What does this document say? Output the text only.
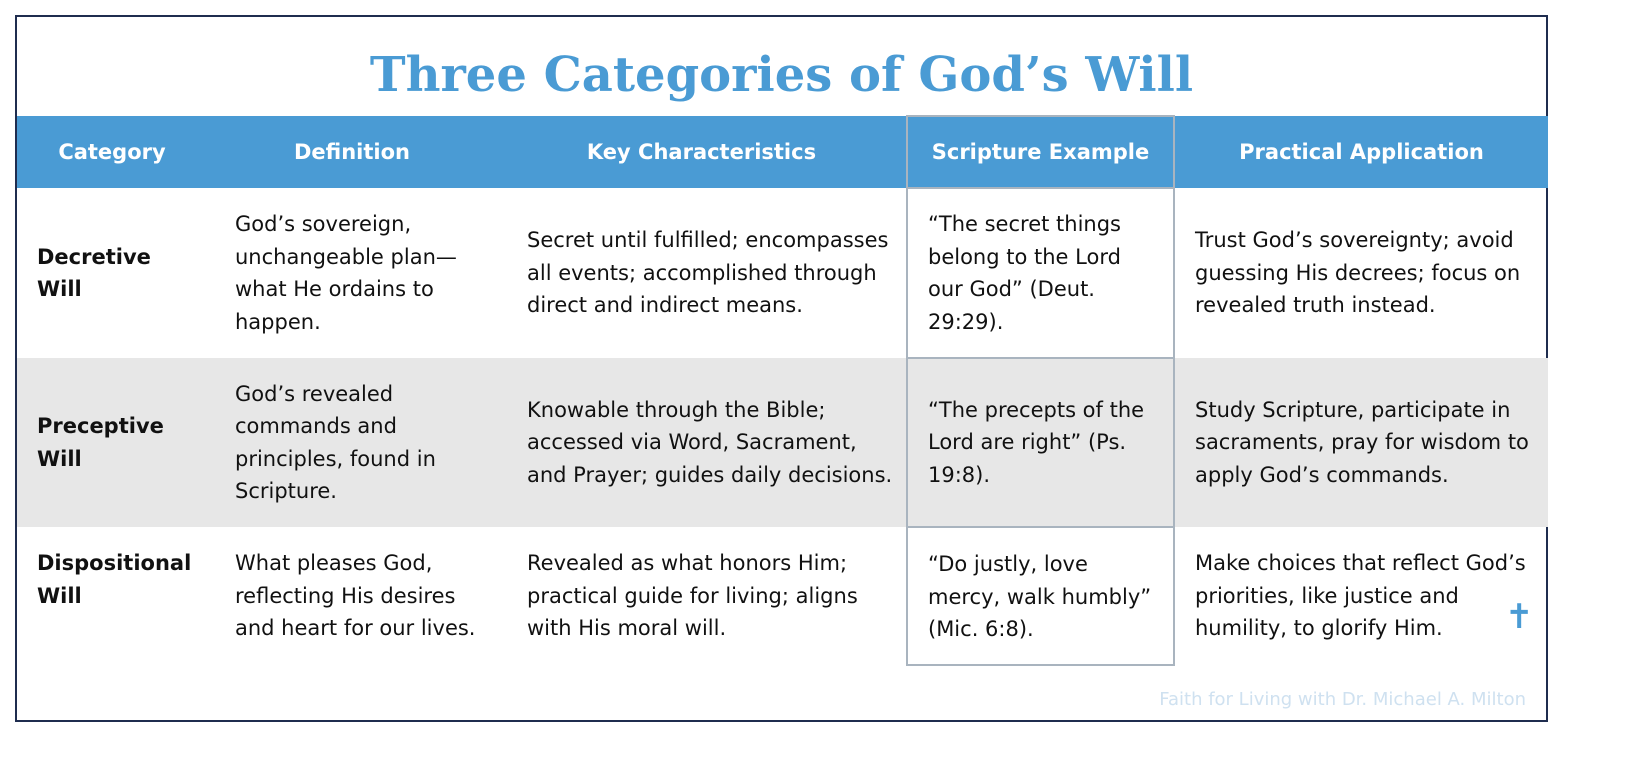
Three Categories of God’s Will
Category	Definition	Key Characteristics	Scripture Example	Practical Application
Decretive Will	God’s sovereign, unchangeable plan—what He ordains to happen.	Secret until fulfilled; encompasses all events; accomplished through direct and indirect means.	“The secret things belong to the Lord our God” (Deut. 29:29).	Trust God’s sovereignty; avoid guessing His decrees; focus on revealed truth instead.
Preceptive Will	God’s revealed commands and principles, found in Scripture.	Knowable through the Bible; accessed via Word, Sacrament, and Prayer; guides daily decisions.	“The precepts of the Lord are right” (Ps. 19:8).	Study Scripture, participate in sacraments, pray for wisdom to apply God’s commands.
Dispositional Will	What pleases God, reflecting His desires and heart for our lives.	Revealed as what honors Him; practical guide for living; aligns with His moral will.	“Do justly, love mercy, walk humbly” (Mic. 6:8).	Make choices that reflect God’s priorities, like justice and humility, to glorify Him. ✝
Faith for Living with Dr. Michael A. Milton
